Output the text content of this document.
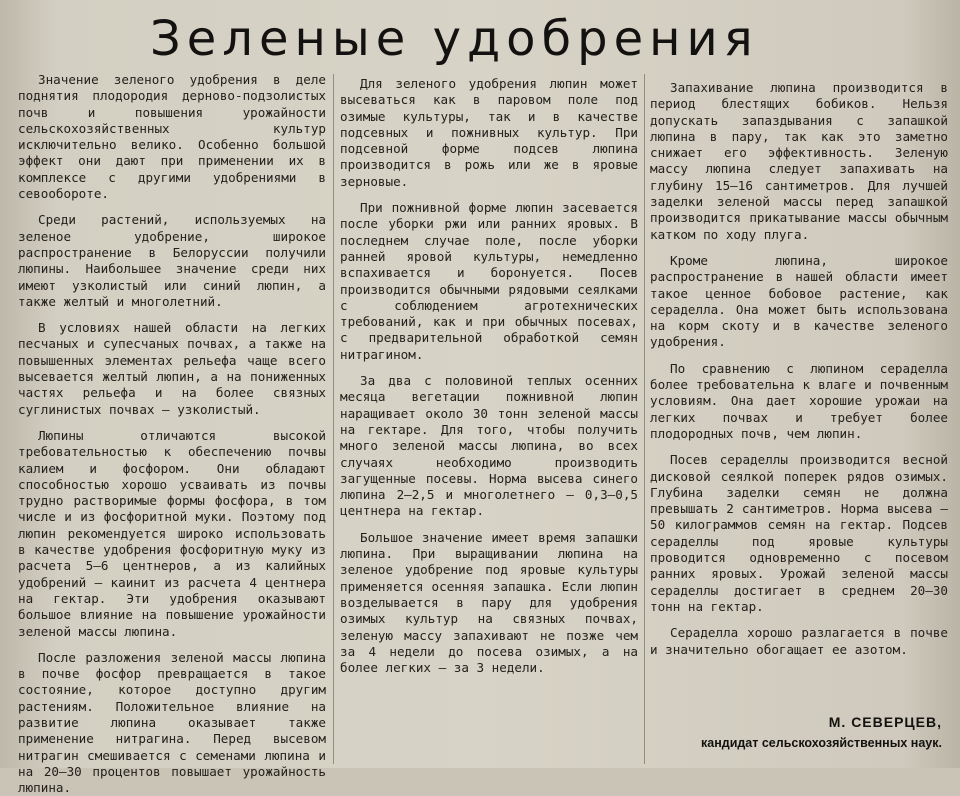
Зеленые удобрения

Значение зеленого удобрения в деле поднятия плодородия дерново-подзолистых почв и повышения урожайности сельскохозяйственных культур исключительно велико. Особенно большой эффект они дают при применении их в комплексе с другими удобрениями в севообороте.

Среди растений, используемых на зеленое удобрение, широкое распространение в Белоруссии получили люпины. Наибольшее значение среди них имеют узколистый или синий люпин, а также желтый и многолетний.

В условиях нашей области на легких песчаных и супесчаных почвах, а также на повышенных элементах рельефа чаще всего высевается желтый люпин, а на пониженных частях рельефа и на более связных суглинистых почвах — узколистый.

Люпины отличаются высокой требовательностью к обеспечению почвы калием и фосфором. Они обладают способностью хорошо усваивать из почвы трудно растворимые формы фосфора, в том числе и из фосфоритной муки. Поэтому под люпин рекомендуется широко использовать в качестве удобрения фосфоритную муку из расчета 5—6 центнеров, а из калийных удобрений — каинит из расчета 4 центнера на гектар. Эти удобрения оказывают большое влияние на повышение урожайности зеленой массы люпина.

После разложения зеленой массы люпина в почве фосфор превращается в такое состояние, которое доступно другим растениям. Положительное влияние на развитие люпина оказывает также применение нитрагина. Перед высевом нитрагин смешивается с семенами люпина и на 20—30 процентов повышает урожайность люпина.

Для зеленого удобрения люпин может высеваться как в паровом поле под озимые культуры, так и в качестве подсевных и пожнивных культур. При подсевной форме подсев люпина производится в рожь или же в яровые зерновые.

При пожнивной форме люпин засевается после уборки ржи или ранних яровых. В последнем случае поле, после уборки ранней яровой культуры, немедленно вспахивается и боронуется. Посев производится обычными рядовыми сеялками с соблюдением агротехнических требований, как и при обычных посевах, с предварительной обработкой семян нитрагином.

За два с половиной теплых осенних месяца вегетации пожнивной люпин наращивает около 30 тонн зеленой массы на гектаре. Для того, чтобы получить много зеленой массы люпина, во всех случаях необходимо производить загущенные посевы. Норма высева синего люпина 2—2,5 и многолетнего — 0,3—0,5 центнера на гектар.

Большое значение имеет время запашки люпина. При выращивании люпина на зеленое удобрение под яровые культуры применяется осенняя запашка. Если люпин возделывается в пару для удобрения озимых культур на связных почвах, зеленую массу запахивают не позже чем за 4 недели до посева озимых, а на более легких — за 3 недели.

Запахивание люпина производится в период блестящих бобиков. Нельзя допускать запаздывания с запашкой люпина в пару, так как это заметно снижает его эффективность. Зеленую массу люпина следует запахивать на глубину 15—16 сантиметров. Для лучшей заделки зеленой массы перед запашкой производится прикатывание массы обычным катком по ходу плуга.

Кроме люпина, широкое распространение в нашей области имеет такое ценное бобовое растение, как сераделла. Она может быть использована на корм скоту и в качестве зеленого удобрения.

По сравнению с люпином сераделла более требовательна к влаге и почвенным условиям. Она дает хорошие урожаи на легких почвах и требует более плодородных почв, чем люпин.

Посев сераделлы производится весной дисковой сеялкой поперек рядов озимых. Глубина заделки семян не должна превышать 2 сантиметров. Норма высева — 50 килограммов семян на гектар. Подсев сераделлы под яровые культуры проводится одновременно с посевом ранних яровых. Урожай зеленой массы сераделлы достигает в среднем 20—30 тонн на гектар.

Сераделла хорошо разлагается в почве и значительно обогащает ее азотом.

М. СЕВЕРЦЕВ,
кандидат сельскохозяйственных наук.
